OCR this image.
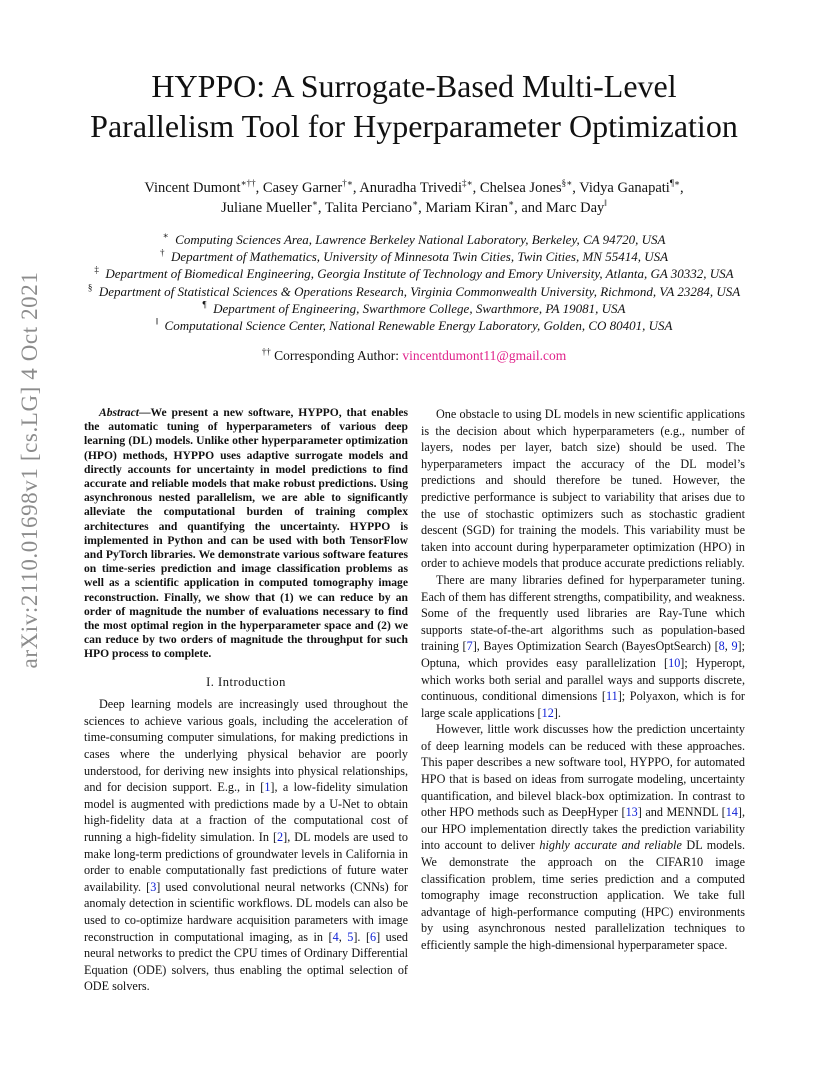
arXiv:2110.01698v1 [cs.LG] 4 Oct 2021
HYPPO: A Surrogate-Based Multi-Level
Parallelism Tool for Hyperparameter Optimization
Vincent Dumont∗††, Casey Garner†∗, Anuradha Trivedi‡∗, Chelsea Jones§∗, Vidya Ganapati¶∗,
Juliane Mueller∗, Talita Perciano∗, Mariam Kiran∗, and Marc Day‖
∗ Computing Sciences Area, Lawrence Berkeley National Laboratory, Berkeley, CA 94720, USA
† Department of Mathematics, University of Minnesota Twin Cities, Twin Cities, MN 55414, USA
‡ Department of Biomedical Engineering, Georgia Institute of Technology and Emory University, Atlanta, GA 30332, USA
§ Department of Statistical Sciences & Operations Research, Virginia Commonwealth University, Richmond, VA 23284, USA
¶ Department of Engineering, Swarthmore College, Swarthmore, PA 19081, USA
‖ Computational Science Center, National Renewable Energy Laboratory, Golden, CO 80401, USA
†† Corresponding Author: vincentdumont11@gmail.com

Abstract—We present a new software, HYPPO, that enables the automatic tuning of hyperparameters of various deep learning (DL) models. Unlike other hyperparameter optimization (HPO) methods, HYPPO uses adaptive surrogate models and directly accounts for uncertainty in model predictions to find accurate and reliable models that make robust predictions. Using asynchronous nested parallelism, we are able to significantly alleviate the computational burden of training complex architectures and quantifying the uncertainty. HYPPO is implemented in Python and can be used with both TensorFlow and PyTorch libraries. We demonstrate various software features on time-series prediction and image classification problems as well as a scientific application in computed tomography image reconstruction. Finally, we show that (1) we can reduce by an order of magnitude the number of evaluations necessary to find the most optimal region in the hyperparameter space and (2) we can reduce by two orders of magnitude the throughput for such HPO process to complete.

I. Introduction

Deep learning models are increasingly used throughout the sciences to achieve various goals, including the acceleration of time-consuming computer simulations, for making predictions in cases where the underlying physical behavior are poorly understood, for deriving new insights into physical relationships, and for decision support. E.g., in [1], a low-fidelity simulation model is augmented with predictions made by a U-Net to obtain high-fidelity data at a fraction of the computational cost of running a high-fidelity simulation. In [2], DL models are used to make long-term predictions of groundwater levels in California in order to enable computationally fast predictions of future water availability. [3] used convolutional neural networks (CNNs) for anomaly detection in scientific workflows. DL models can also be used to co-optimize hardware acquisition parameters with image reconstruction in computational imaging, as in [4, 5]. [6] used neural networks to predict the CPU times of Ordinary Differential Equation (ODE) solvers, thus enabling the optimal selection of ODE solvers.

One obstacle to using DL models in new scientific applications is the decision about which hyperparameters (e.g., number of layers, nodes per layer, batch size) should be used. The hyperparameters impact the accuracy of the DL model’s predictions and should therefore be tuned. However, the predictive performance is subject to variability that arises due to the use of stochastic optimizers such as stochastic gradient descent (SGD) for training the models. This variability must be taken into account during hyperparameter optimization (HPO) in order to achieve models that produce accurate predictions reliably.

There are many libraries defined for hyperparameter tuning. Each of them has different strengths, compatibility, and weakness. Some of the frequently used libraries are Ray-Tune which supports state-of-the-art algorithms such as population-based training [7], Bayes Optimization Search (BayesOptSearch) [8, 9]; Optuna, which provides easy parallelization [10]; Hyperopt, which works both serial and parallel ways and supports discrete, continuous, conditional dimensions [11]; Polyaxon, which is for large scale applications [12].

However, little work discusses how the prediction uncertainty of deep learning models can be reduced with these approaches. This paper describes a new software tool, HYPPO, for automated HPO that is based on ideas from surrogate modeling, uncertainty quantification, and bilevel black-box optimization. In contrast to other HPO methods such as DeepHyper [13] and MENNDL [14], our HPO implementation directly takes the prediction variability into account to deliver highly accurate and reliable DL models. We demonstrate the approach on the CIFAR10 image classification problem, time series prediction and a computed tomography image reconstruction application. We take full advantage of high-performance computing (HPC) environments by using asynchronous nested parallelization techniques to efficiently sample the high-dimensional hyperparameter space.
